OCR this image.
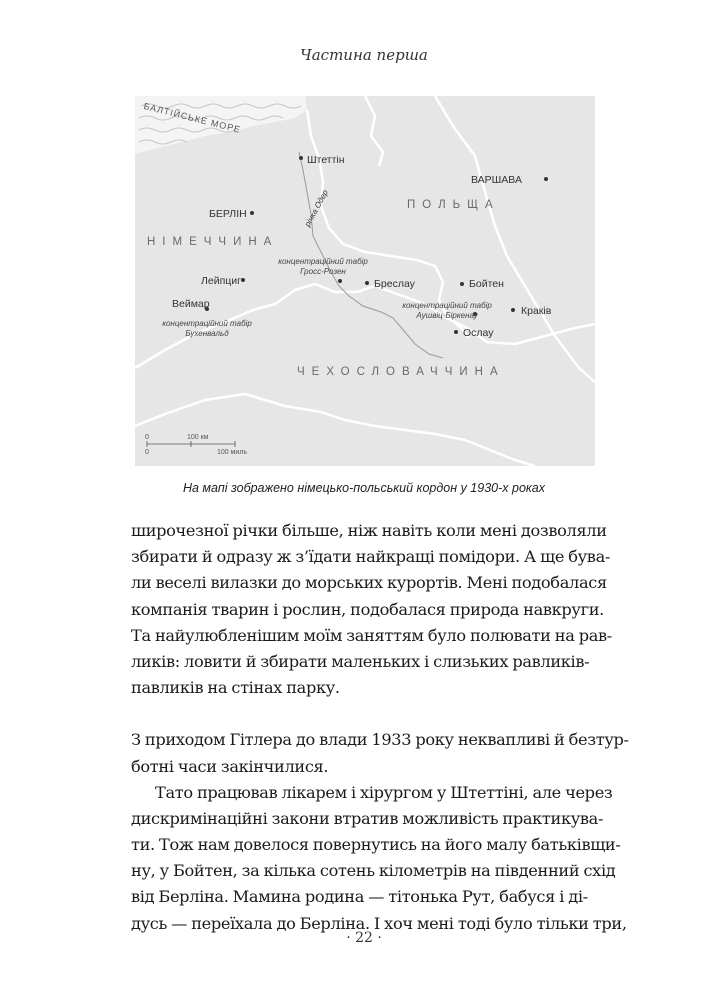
Частина перша
БАЛТІЙСЬКЕ МОРЕ
Штеттін
БЕРЛІН
ВАРШАВА
Лейпциг
Веймар
Бреслау	Бойтен
Краків
Ослау
НІМЕЧЧИНА
ПОЛЬЩА
ЧЕХОСЛОВАЧЧИНА
річка Одер
концентраційний табір
Гросс-Розен
концентраційний табір
Аушвіц-Біркенау
концентраційний табір
Бухенвальд
0	100 км
0	100 миль
На мапі зображено німецько-польський кордон у 1930-х роках
широчезної річки більше, ніж навіть коли мені дозволяли
збирати й одразу ж з’їдати найкращі помідори. А ще бува-
ли веселі вилазки до морських курортів. Мені подобалася
компанія тварин і рослин, подобалася природа навкруги.
Та найулюбленішим моїм заняттям було полювати на рав-
ликів: ловити й збирати маленьких і слизьких равликів-
павликів на стінах парку.
З приходом Гітлера до влади 1933 року неквапливі й безтур-
ботні часи закінчилися.
Тато працював лікарем і хірургом у Штеттіні, але через
дискримінаційні закони втратив можливість практикува-
ти. Тож нам довелося повернутись на його малу батьківщи-
ну, у Бойтен, за кілька сотень кілометрів на південний схід
від Берліна. Мамина родина — тітонька Рут, бабуся і ді-
дусь — переїхала до Берліна. І хоч мені тоді було тільки три,
· 22 ·
